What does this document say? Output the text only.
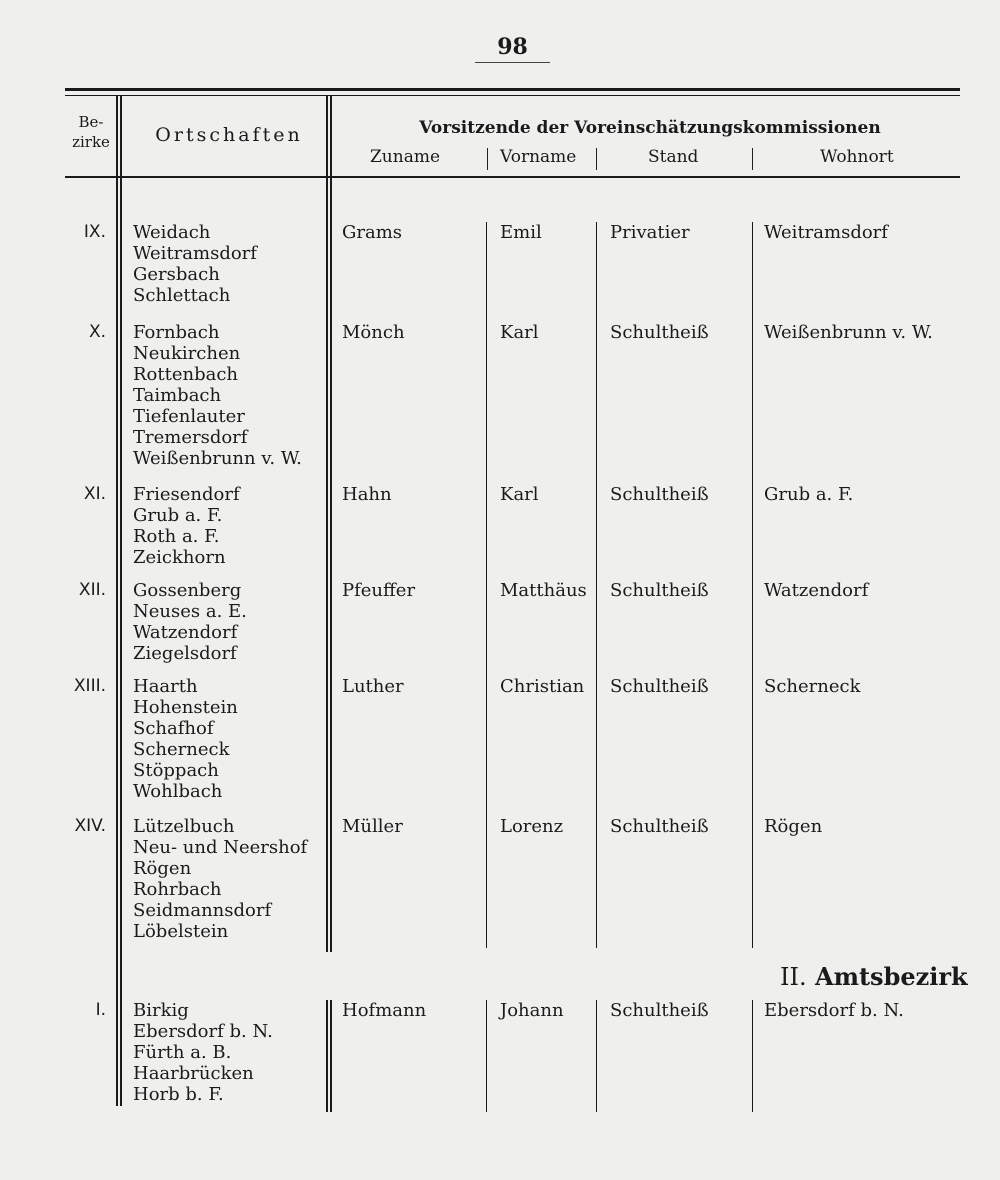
98
Be-
zirke	Ortschaften	Vorsitzende der Voreinschätzungskommissionen
Zuname	Vorname	Stand	Wohnort
IX. Weidach
Weitramsdorf
Gersbach
Schlettach
Grams	Emil	Privatier	Weitramsdorf
X. Fornbach
Neukirchen
Rottenbach
Taimbach
Tiefenlauter
Tremersdorf
Weißenbrunn v. W.
Mönch	Karl	Schultheiß	Weißenbrunn v. W.
XI. Friesendorf
Grub a. F.
Roth a. F.
Zeickhorn
Hahn	Karl	Schultheiß	Grub a. F.
XII. Gossenberg
Neuses a. E.
Watzendorf
Ziegelsdorf
Pfeuffer	Matthäus Schultheiß	Watzendorf
XIII. Haarth
Hohenstein
Schafhof
Scherneck
Stöppach
Wohlbach
Luther	Christian Schultheiß	Scherneck
XIV. Lützelbuch
Neu- und Neershof
Rögen
Rohrbach
Seidmannsdorf
Löbelstein
Müller	Lorenz	Schultheiß	Rögen
II. Amtsbezirk
I. Birkig
Ebersdorf b. N.
Fürth a. B.
Haarbrücken
Horb b. F.
Hofmann	Johann	Schultheiß	Ebersdorf b. N.
